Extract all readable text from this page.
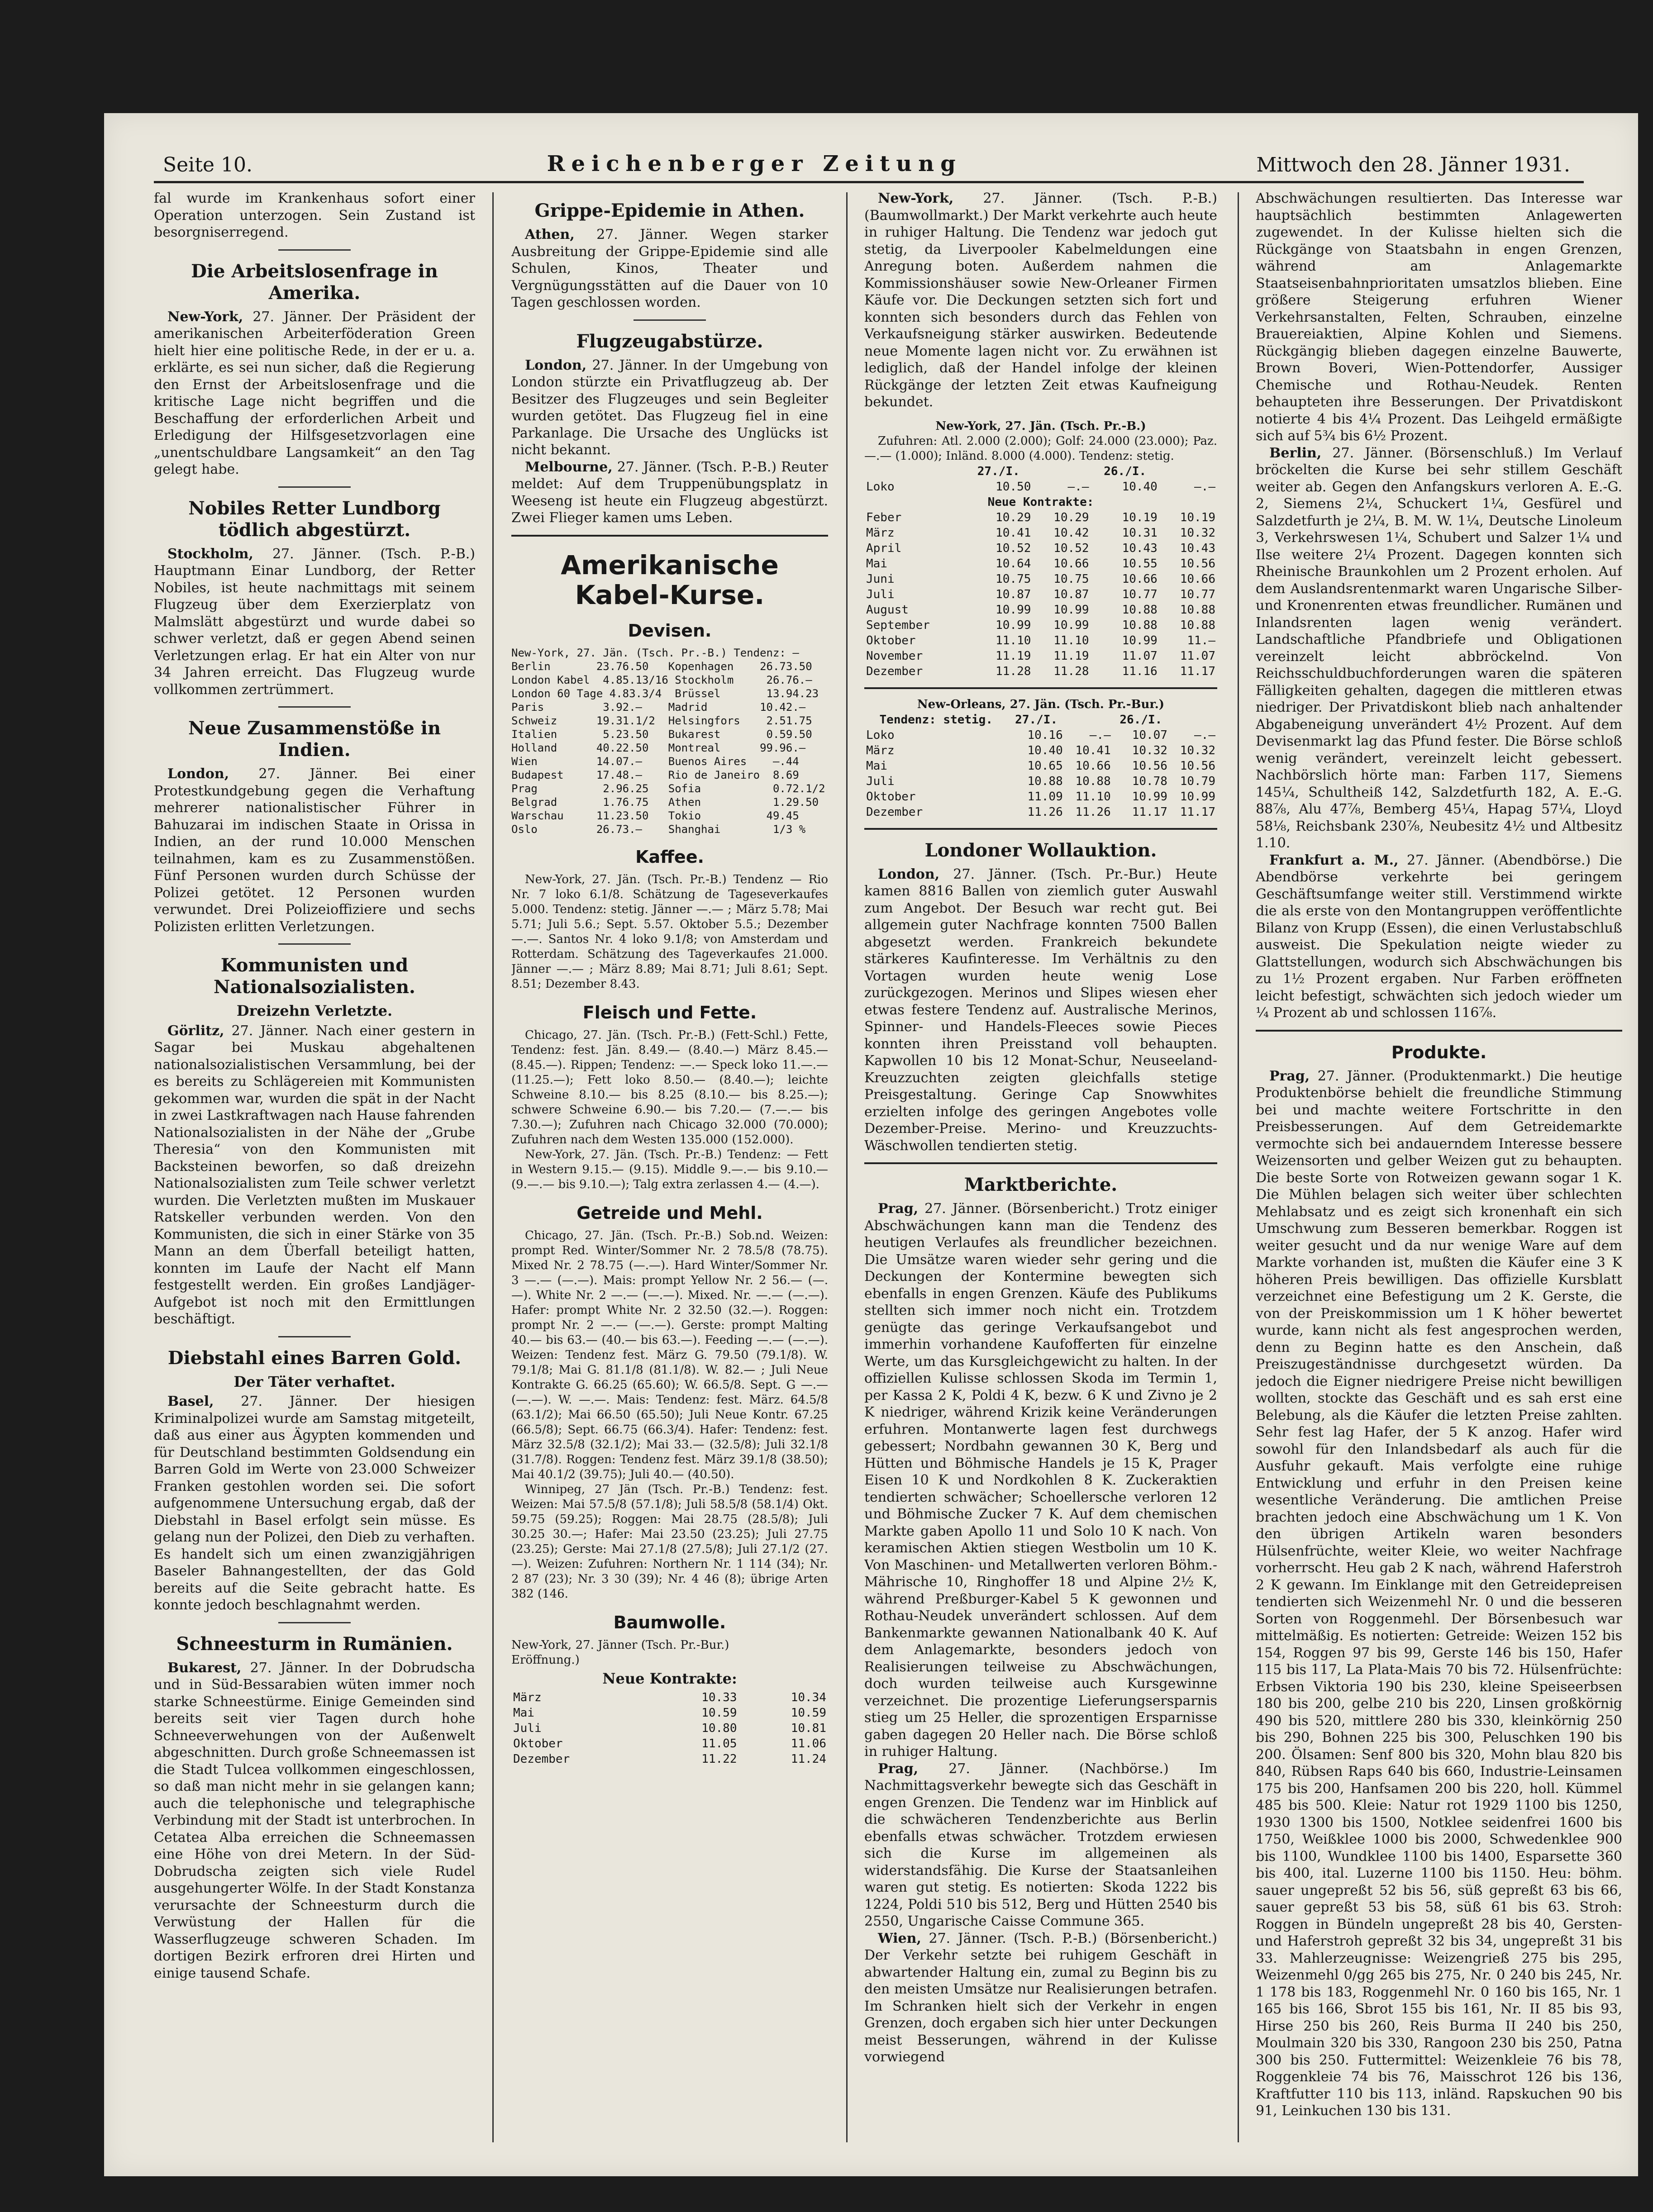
Seite 10.	Reichenberger Zeitung	Mittwoch den 28. Jänner 1931.

fal wurde im Krankenhaus sofort einer Operation unterzogen. Sein Zustand ist besorgniserregend.

Die Arbeitslosenfrage in Amerika.

New-York, 27. Jänner. Der Präsident der amerikanischen Arbeiterföderation Green hielt hier eine politische Rede, in der er u. a. erklärte, es sei nun sicher, daß die Regierung den Ernst der Arbeitslosenfrage und die kritische Lage nicht begriffen und die Beschaffung der erforderlichen Arbeit und Erledigung der Hilfsgesetzvorlagen eine „unentschuldbare Langsamkeit“ an den Tag gelegt habe.

Nobiles Retter Lundborg tödlich abgestürzt.

Stockholm, 27. Jänner. (Tsch. P.-B.) Hauptmann Einar Lundborg, der Retter Nobiles, ist heute nachmittags mit seinem Flugzeug über dem Exerzierplatz von Malmslätt abgestürzt und wurde dabei so schwer verletzt, daß er gegen Abend seinen Verletzungen erlag. Er hat ein Alter von nur 34 Jahren erreicht. Das Flugzeug wurde vollkommen zertrümmert.

Neue Zusammenstöße in Indien.

London, 27. Jänner. Bei einer Protestkundgebung gegen die Verhaftung mehrerer nationalistischer Führer in Bahuzarai im indischen Staate in Orissa in Indien, an der rund 10.000 Menschen teilnahmen, kam es zu Zusammenstößen. Fünf Personen wurden durch Schüsse der Polizei getötet. 12 Personen wurden verwundet. Drei Polizeioffiziere und sechs Polizisten erlitten Verletzungen.

Kommunisten und Nationalsozialisten.
Dreizehn Verletzte.

Görlitz, 27. Jänner. Nach einer gestern in Sagar bei Muskau abgehaltenen nationalsozialistischen Versammlung, bei der es bereits zu Schlägereien mit Kommunisten gekommen war, wurden die spät in der Nacht in zwei Lastkraftwagen nach Hause fahrenden Nationalsozialisten in der Nähe der „Grube Theresia“ von den Kommunisten mit Backsteinen beworfen, so daß dreizehn Nationalsozialisten zum Teile schwer verletzt wurden. Die Verletzten mußten im Muskauer Ratskeller verbunden werden. Von den Kommunisten, die sich in einer Stärke von 35 Mann an dem Überfall beteiligt hatten, konnten im Laufe der Nacht elf Mann festgestellt werden. Ein großes Landjäger-Aufgebot ist noch mit den Ermittlungen beschäftigt.

Diebstahl eines Barren Gold.
Der Täter verhaftet.

Basel, 27. Jänner. Der hiesigen Kriminalpolizei wurde am Samstag mitgeteilt, daß aus einer aus Ägypten kommenden und für Deutschland bestimmten Goldsendung ein Barren Gold im Werte von 23.000 Schweizer Franken gestohlen worden sei. Die sofort aufgenommene Untersuchung ergab, daß der Diebstahl in Basel erfolgt sein müsse. Es gelang nun der Polizei, den Dieb zu verhaften. Es handelt sich um einen zwanzigjährigen Baseler Bahnangestellten, der das Gold bereits auf die Seite gebracht hatte. Es konnte jedoch beschlagnahmt werden.

Schneesturm in Rumänien.

Bukarest, 27. Jänner. In der Dobrudscha und in Süd-Bessarabien wüten immer noch starke Schneestürme. Einige Gemeinden sind bereits seit vier Tagen durch hohe Schneeverwehungen von der Außenwelt abgeschnitten. Durch große Schneemassen ist die Stadt Tulcea vollkommen eingeschlossen, so daß man nicht mehr in sie gelangen kann; auch die telephonische und telegraphische Verbindung mit der Stadt ist unterbrochen. In Cetatea Alba erreichen die Schneemassen eine Höhe von drei Metern. In der Süd-Dobrudscha zeigten sich viele Rudel ausgehungerter Wölfe. In der Stadt Konstanza verursachte der Schneesturm durch die Verwüstung der Hallen für die Wasserflugzeuge schweren Schaden. Im dortigen Bezirk erfroren drei Hirten und einige tausend Schafe.

Grippe-Epidemie in Athen.

Athen, 27. Jänner. Wegen starker Ausbreitung der Grippe-Epidemie sind alle Schulen, Kinos, Theater und Vergnügungsstätten auf die Dauer von 10 Tagen geschlossen worden.

Flugzeugabstürze.

London, 27. Jänner. In der Umgebung von London stürzte ein Privatflugzeug ab. Der Besitzer des Flugzeuges und sein Begleiter wurden getötet. Das Flugzeug fiel in eine Parkanlage. Die Ursache des Unglücks ist nicht bekannt.

Melbourne, 27. Jänner. (Tsch. P.-B.) Reuter meldet: Auf dem Truppenübungsplatz in Weeseng ist heute ein Flugzeug abgestürzt. Zwei Flieger kamen ums Leben.

Amerikanische Kabel-Kurse.
Devisen.
New-York, 27. Jän. (Tsch. Pr.-B.) Tendenz: —
Berlin       23.76.50   Kopenhagen    26.73.50
London Kabel  4.85.13/16 Stockholm     26.76.—
London 60 Tage 4.83.3/4  Brüssel       13.94.23
Paris         3.92.—    Madrid        10.42.—
Schweiz      19.31.1/2  Helsingfors    2.51.75
Italien       5.23.50   Bukarest       0.59.50
Holland      40.22.50   Montreal      99.96.—
Wien         14.07.—    Buenos Aires    —.44
Budapest     17.48.—    Rio de Janeiro  8.69
Prag          2.96.25   Sofia           0.72.1/2
Belgrad       1.76.75   Athen           1.29.50
Warschau     11.23.50   Tokio          49.45
Oslo         26.73.—    Shanghai        1/3 %
Kaffee.

New-York, 27. Jän. (Tsch. Pr.-B.) Tendenz — Rio Nr. 7 loko 6.1/8. Schätzung de Tageseverkaufes 5.000. Tendenz: stetig. Jänner —.— ; März 5.78; Mai 5.71; Juli 5.6.; Sept. 5.57. Oktober 5.5.; Dezember —.—. Santos Nr. 4 loko 9.1/8; von Amsterdam und Rotterdam. Schätzung des Tageverkaufes 21.000. Jänner —.— ; März 8.89; Mai 8.71; Juli 8.61; Sept. 8.51; Dezember 8.43.

Fleisch und Fette.

Chicago, 27. Jän. (Tsch. Pr.-B.) (Fett-Schl.) Fette, Tendenz: fest. Jän. 8.49.— (8.40.—) März 8.45.— (8.45.—). Rippen; Tendenz: —.— Speck loko 11.—.— (11.25.—); Fett loko 8.50.— (8.40.—); leichte Schweine 8.10.— bis 8.25 (8.10.— bis 8.25.—); schwere Schweine 6.90.— bis 7.20.— (7.—.— bis 7.30.—); Zufuhren nach Chicago 32.000 (70.000); Zufuhren nach dem Westen 135.000 (152.000).

New-York, 27. Jän. (Tsch. Pr.-B.) Tendenz: — Fett in Western 9.15.— (9.15). Middle 9.—.— bis 9.10.— (9.—.— bis 9.10.—); Talg extra zerlassen 4.— (4.—).

Getreide und Mehl.

Chicago, 27. Jän. (Tsch. Pr.-B.) Sob.nd. Weizen: prompt Red. Winter/Sommer Nr. 2 78.5/8 (78.75). Mixed Nr. 2 78.75 (—.—). Hard Winter/Sommer Nr. 3 —.— (—.—). Mais: prompt Yellow Nr. 2 56.— (—.—). White Nr. 2 —.— (—.—). Mixed. Nr. —.— (—.—). Hafer: prompt White Nr. 2 32.50 (32.—). Roggen: prompt Nr. 2 —.— (—.—). Gerste: prompt Malting 40.— bis 63.— (40.— bis 63.—). Feeding —.— (—.—). Weizen: Tendenz fest. März G. 79.50 (79.1/8). W. 79.1/8; Mai G. 81.1/8 (81.1/8). W. 82.— ; Juli Neue Kontrakte G. 66.25 (65.60); W. 66.5/8. Sept. G —.— (—.—). W. —.—. Mais: Tendenz: fest. März. 64.5/8 (63.1/2); Mai 66.50 (65.50); Juli Neue Kontr. 67.25 (66.5/8); Sept. 66.75 (66.3/4). Hafer: Tendenz: fest. März 32.5/8 (32.1/2); Mai 33.— (32.5/8); Juli 32.1/8 (31.7/8). Roggen: Tendenz fest. März 39.1/8 (38.50); Mai 40.1/2 (39.75); Juli 40.— (40.50).

Winnipeg, 27 Jän (Tsch. Pr.-B.) Tendenz: fest. Weizen: Mai 57.5/8 (57.1/8); Juli 58.5/8 (58.1/4) Okt. 59.75 (59.25); Roggen: Mai 28.75 (28.5/8); Juli 30.25 30.—; Hafer: Mai 23.50 (23.25); Juli 27.75 (23.25); Gerste: Mai 27.1/8 (27.5/8); Juli 27.1/2 (27.—). Weizen: Zufuhren: Northern Nr. 1 114 (34); Nr. 2 87 (23); Nr. 3 30 (39); Nr. 4 46 (8); übrige Arten 382 (146.

Baumwolle.

New-York, 27. Jänner (Tsch. Pr.-Bur.)

Eröffnung.)

Neue Kontrakte:
März	10.33	10.34
Mai	10.59	10.59
Juli	10.80	10.81
Oktober	11.05	11.06
Dezember	11.22	11.24

New-York, 27. Jänner. (Tsch. P.-B.) (Baumwollmarkt.) Der Markt verkehrte auch heute in ruhiger Haltung. Die Tendenz war jedoch gut stetig, da Liverpooler Kabelmeldungen eine Anregung boten. Außerdem nahmen die Kommissionshäuser sowie New-Orleaner Firmen Käufe vor. Die Deckungen setzten sich fort und konnten sich besonders durch das Fehlen von Verkaufsneigung stärker auswirken. Bedeutende neue Momente lagen nicht vor. Zu erwähnen ist lediglich, daß der Handel infolge der kleinen Rückgänge der letzten Zeit etwas Kaufneigung bekundet.

New-York, 27. Jän. (Tsch. Pr.-B.)

Zufuhren: Atl. 2.000 (2.000); Golf: 24.000 (23.000); Paz. —.— (1.000); Inländ. 8.000 (4.000). Tendenz: stetig.

	27./I.		26./I.	
Loko	10.50	—.—	10.40	—.—
Neue Kontrakte:				
Feber	10.29	10.29	10.19	10.19
März	10.41	10.42	10.31	10.32
April	10.52	10.52	10.43	10.43
Mai	10.64	10.66	10.55	10.56
Juni	10.75	10.75	10.66	10.66
Juli	10.87	10.87	10.77	10.77
August	10.99	10.99	10.88	10.88
September	10.99	10.99	10.88	10.88
Oktober	11.10	11.10	10.99	11.—
November	11.19	11.19	11.07	11.07
Dezember	11.28	11.28	11.16	11.17

New-Orleans, 27. Jän. (Tsch. Pr.-Bur.)

Tendenz: stetig.	27./I.		26./I.	
Loko	10.16	—.—	10.07	—.—
März	10.40	10.41	10.32	10.32
Mai	10.65	10.66	10.56	10.56
Juli	10.88	10.88	10.78	10.79
Oktober	11.09	11.10	10.99	10.99
Dezember	11.26	11.26	11.17	11.17
Londoner Wollauktion.

London, 27. Jänner. (Tsch. Pr.-Bur.) Heute kamen 8816 Ballen von ziemlich guter Auswahl zum Angebot. Der Besuch war recht gut. Bei allgemein guter Nachfrage konnten 7500 Ballen abgesetzt werden. Frankreich bekundete stärkeres Kaufinteresse. Im Verhältnis zu den Vortagen wurden heute wenig Lose zurückgezogen. Merinos und Slipes wiesen eher etwas festere Tendenz auf. Australische Merinos, Spinner- und Handels-Fleeces sowie Pieces konnten ihren Preisstand voll behaupten. Kapwollen 10 bis 12 Monat-Schur, Neuseeland-Kreuzzuchten zeigten gleichfalls stetige Preisgestaltung. Geringe Cap Snowwhites erzielten infolge des geringen Angebotes volle Dezember-Preise. Merino- und Kreuzzuchts-Wäschwollen tendierten stetig.

Marktberichte.

Prag, 27. Jänner. (Börsenbericht.) Trotz einiger Abschwächungen kann man die Tendenz des heutigen Verlaufes als freundlicher bezeichnen. Die Umsätze waren wieder sehr gering und die Deckungen der Kontermine bewegten sich ebenfalls in engen Grenzen. Käufe des Publikums stellten sich immer noch nicht ein. Trotzdem genügte das geringe Verkaufsangebot und immerhin vorhandene Kaufofferten für einzelne Werte, um das Kursgleichgewicht zu halten. In der offiziellen Kulisse schlossen Skoda im Termin 1, per Kassa 2 K, Poldi 4 K, bezw. 6 K und Zivno je 2 K niedriger, während Krizik keine Veränderungen erfuhren. Montanwerte lagen fest durchwegs gebessert; Nordbahn gewannen 30 K, Berg und Hütten und Böhmische Handels je 15 K, Prager Eisen 10 K und Nordkohlen 8 K. Zuckeraktien tendierten schwächer; Schoellersche verloren 12 und Böhmische Zucker 7 K. Auf dem chemischen Markte gaben Apollo 11 und Solo 10 K nach. Von keramischen Aktien stiegen Westbolin um 10 K. Von Maschinen- und Metallwerten verloren Böhm.-Mährische 10, Ringhoffer 18 und Alpine 2½ K, während Preßburger-Kabel 5 K gewonnen und Rothau-Neudek unverändert schlossen. Auf dem Bankenmarkte gewannen Nationalbank 40 K. Auf dem Anlagemarkte, besonders jedoch von Realisierungen teilweise zu Abschwächungen, doch wurden teilweise auch Kursgewinne verzeichnet. Die prozentige Lieferungsersparnis stieg um 25 Heller, die sprozentigen Ersparnisse gaben dagegen 20 Heller nach. Die Börse schloß in ruhiger Haltung.

Prag, 27. Jänner. (Nachbörse.) Im Nachmittagsverkehr bewegte sich das Geschäft in engen Grenzen. Die Tendenz war im Hinblick auf die schwächeren Tendenzberichte aus Berlin ebenfalls etwas schwächer. Trotzdem erwiesen sich die Kurse im allgemeinen als widerstandsfähig. Die Kurse der Staatsanleihen waren gut stetig. Es notierten: Skoda 1222 bis 1224, Poldi 510 bis 512, Berg und Hütten 2540 bis 2550, Ungarische Caisse Commune 365.

Wien, 27. Jänner. (Tsch. P.-B.) (Börsenbericht.) Der Verkehr setzte bei ruhigem Geschäft in abwartender Haltung ein, zumal zu Beginn bis zu den meisten Umsätze nur Realisierungen betrafen. Im Schranken hielt sich der Verkehr in engen Grenzen, doch ergaben sich hier unter Deckungen meist Besserungen, während in der Kulisse vorwiegend

Abschwächungen resultierten. Das Interesse war hauptsächlich bestimmten Anlagewerten zugewendet. In der Kulisse hielten sich die Rückgänge von Staatsbahn in engen Grenzen, während am Anlagemarkte Staatseisenbahnprioritaten umsatzlos blieben. Eine größere Steigerung erfuhren Wiener Verkehrsanstalten, Felten, Schrauben, einzelne Brauereiaktien, Alpine Kohlen und Siemens. Rückgängig blieben dagegen einzelne Bauwerte, Brown Boveri, Wien-Pottendorfer, Aussiger Chemische und Rothau-Neudek. Renten behaupteten ihre Besserungen. Der Privatdiskont notierte 4 bis 4¼ Prozent. Das Leihgeld ermäßigte sich auf 5¾ bis 6½ Prozent.

Berlin, 27. Jänner. (Börsenschluß.) Im Verlauf bröckelten die Kurse bei sehr stillem Geschäft weiter ab. Gegen den Anfangskurs verloren A. E.-G. 2, Siemens 2¼, Schuckert 1¼, Gesfürel und Salzdetfurth je 2¼, B. M. W. 1¼, Deutsche Linoleum 3, Verkehrswesen 1¼, Schubert und Salzer 1¼ und Ilse weitere 2¼ Prozent. Dagegen konnten sich Rheinische Braunkohlen um 2 Prozent erholen. Auf dem Auslandsrentenmarkt waren Ungarische Silber- und Kronenrenten etwas freundlicher. Rumänen und Inlandsrenten lagen wenig verändert. Landschaftliche Pfandbriefe und Obligationen vereinzelt leicht abbröckelnd. Von Reichsschuldbuchforderungen waren die späteren Fälligkeiten gehalten, dagegen die mittleren etwas niedriger. Der Privatdiskont blieb nach anhaltender Abgabeneigung unverändert 4½ Prozent. Auf dem Devisenmarkt lag das Pfund fester. Die Börse schloß wenig verändert, vereinzelt leicht gebessert. Nachbörslich hörte man: Farben 117, Siemens 145¼, Schultheiß 142, Salzdetfurth 182, A. E.-G. 88⅞, Alu 47⅞, Bemberg 45¼, Hapag 57¼, Lloyd 58⅛, Reichsbank 230⅞, Neubesitz 4½ und Altbesitz 1.10.

Frankfurt a. M., 27. Jänner. (Abendbörse.) Die Abendbörse verkehrte bei geringem Geschäftsumfange weiter still. Verstimmend wirkte die als erste von den Montangruppen veröffentlichte Bilanz von Krupp (Essen), die einen Verlustabschluß ausweist. Die Spekulation neigte wieder zu Glattstellungen, wodurch sich Abschwächungen bis zu 1½ Prozent ergaben. Nur Farben eröffneten leicht befestigt, schwächten sich jedoch wieder um ¼ Prozent ab und schlossen 116⅞.

Produkte.

Prag, 27. Jänner. (Produktenmarkt.) Die heutige Produktenbörse behielt die freundliche Stimmung bei und machte weitere Fortschritte in den Preisbesserungen. Auf dem Getreidemarkte vermochte sich bei andauerndem Interesse bessere Weizensorten und gelber Weizen gut zu behaupten. Die beste Sorte von Rotweizen gewann sogar 1 K. Die Mühlen belagen sich weiter über schlechten Mehlabsatz und es zeigt sich kronenhaft ein sich Umschwung zum Besseren bemerkbar. Roggen ist weiter gesucht und da nur wenige Ware auf dem Markte vorhanden ist, mußten die Käufer eine 3 K höheren Preis bewilligen. Das offizielle Kursblatt verzeichnet eine Befestigung um 2 K. Gerste, die von der Preiskommission um 1 K höher bewertet wurde, kann nicht als fest angesprochen werden, denn zu Beginn hatte es den Anschein, daß Preiszugeständnisse durchgesetzt würden. Da jedoch die Eigner niedrigere Preise nicht bewilligen wollten, stockte das Geschäft und es sah erst eine Belebung, als die Käufer die letzten Preise zahlten. Sehr fest lag Hafer, der 5 K anzog. Hafer wird sowohl für den Inlandsbedarf als auch für die Ausfuhr gekauft. Mais verfolgte eine ruhige Entwicklung und erfuhr in den Preisen keine wesentliche Veränderung. Die amtlichen Preise brachten jedoch eine Abschwächung um 1 K. Von den übrigen Artikeln waren besonders Hülsenfrüchte, weiter Kleie, wo weiter Nachfrage vorherrscht. Heu gab 2 K nach, während Haferstroh 2 K gewann. Im Einklange mit den Getreidepreisen tendierten sich Weizenmehl Nr. 0 und die besseren Sorten von Roggenmehl. Der Börsenbesuch war mittelmäßig. Es notierten: Getreide: Weizen 152 bis 154, Roggen 97 bis 99, Gerste 146 bis 150, Hafer 115 bis 117, La Plata-Mais 70 bis 72. Hülsenfrüchte: Erbsen Viktoria 190 bis 230, kleine Speiseerbsen 180 bis 200, gelbe 210 bis 220, Linsen großkörnig 490 bis 520, mittlere 280 bis 330, kleinkörnig 250 bis 290, Bohnen 225 bis 300, Peluschken 190 bis 200. Ölsamen: Senf 800 bis 320, Mohn blau 820 bis 840, Rübsen Raps 640 bis 660, Industrie-Leinsamen 175 bis 200, Hanfsamen 200 bis 220, holl. Kümmel 485 bis 500. Kleie: Natur rot 1929 1100 bis 1250, 1930 1300 bis 1500, Notklee seidenfrei 1600 bis 1750, Weißklee 1000 bis 2000, Schwedenklee 900 bis 1100, Wundklee 1100 bis 1400, Esparsette 360 bis 400, ital. Luzerne 1100 bis 1150. Heu: böhm. sauer ungepreßt 52 bis 56, süß gepreßt 63 bis 66, sauer gepreßt 53 bis 58, süß 61 bis 63. Stroh: Roggen in Bündeln ungepreßt 28 bis 40, Gersten- und Haferstroh gepreßt 32 bis 34, ungepreßt 31 bis 33. Mahlerzeugnisse: Weizengrieß 275 bis 295, Weizenmehl 0/gg 265 bis 275, Nr. 0 240 bis 245, Nr. 1 178 bis 183, Roggenmehl Nr. 0 160 bis 165, Nr. 1 165 bis 166, Sbrot 155 bis 161, Nr. II 85 bis 93, Hirse 250 bis 260, Reis Burma II 240 bis 250, Moulmain 320 bis 330, Rangoon 230 bis 250, Patna 300 bis 250. Futtermittel: Weizenkleie 76 bis 78, Roggenkleie 74 bis 76, Maisschrot 126 bis 136, Kraftfutter 110 bis 113, inländ. Rapskuchen 90 bis 91, Leinkuchen 130 bis 131.
